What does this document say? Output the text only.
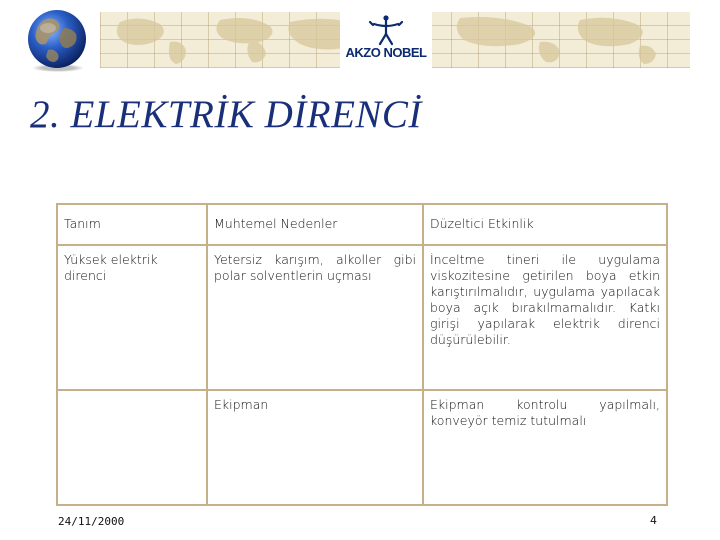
AKZO NOBEL
2. ELEKTRİK DİRENCİ
Tanım	Muhtemel Nedenler	Düzeltici Etkinlik
Yüksek elektrik direnci	Yetersiz karışım, alkoller gibi polar solventlerin uçması	İnceltme tineri ile uygulama viskozitesine getirilen boya etkin karıştırılmalıdır, uygulama yapılacak boya açık bırakılmamalıdır. Katkı girişi yapılarak elektrik direnci düşürülebilir.
	Ekipman	Ekipman kontrolu yapılmalı, konveyör temiz tutulmalı
24/11/2000	4
